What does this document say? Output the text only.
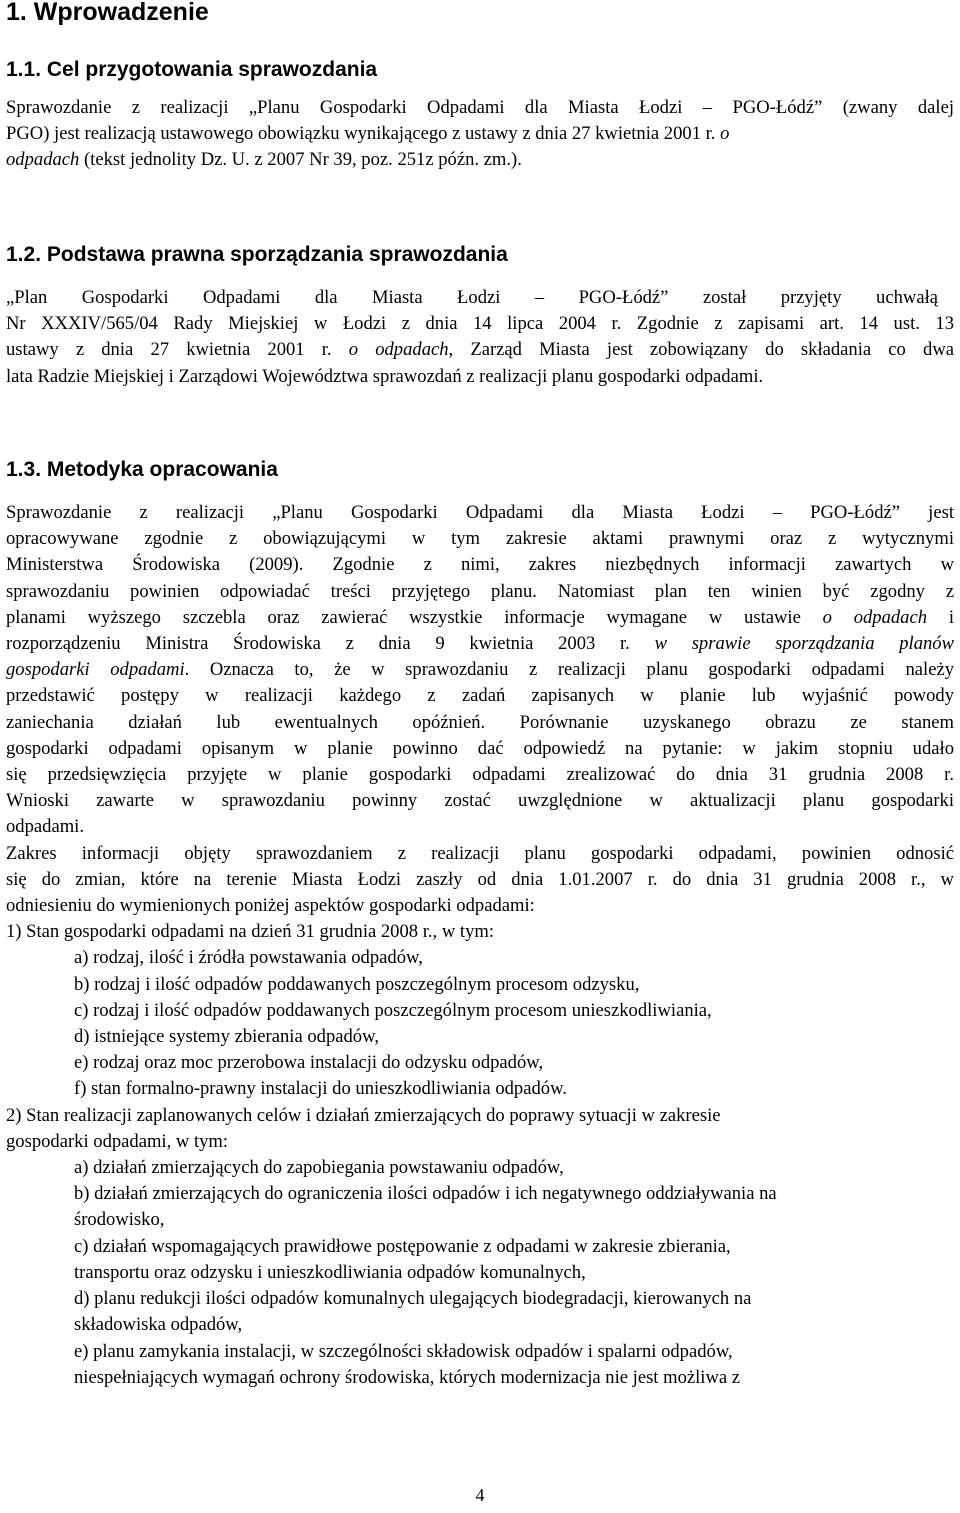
1. Wprowadzenie
1.1. Cel przygotowania sprawozdania
Sprawozdanie z realizacji „Planu Gospodarki Odpadami dla Miasta Łodzi – PGO-Łódź” (zwany dalej
PGO) jest realizacją ustawowego obowiązku wynikającego z ustawy z dnia 27 kwietnia 2001 r. o
odpadach (tekst jednolity Dz. U. z 2007 Nr 39, poz. 251z późn. zm.).
1.2. Podstawa prawna sporządzania sprawozdania
„Plan Gospodarki Odpadami dla Miasta Łodzi – PGO-Łódź” został przyjęty uchwałą
Nr XXXIV/565/04 Rady Miejskiej w Łodzi z dnia 14 lipca 2004 r. Zgodnie z zapisami art. 14 ust. 13
ustawy z dnia 27 kwietnia 2001 r. o odpadach, Zarząd Miasta jest zobowiązany do składania co dwa
lata Radzie Miejskiej i Zarządowi Województwa sprawozdań z realizacji planu gospodarki odpadami.
1.3. Metodyka opracowania
Sprawozdanie z realizacji „Planu Gospodarki Odpadami dla Miasta Łodzi – PGO-Łódź” jest
opracowywane zgodnie z obowiązującymi w tym zakresie aktami prawnymi oraz z wytycznymi
Ministerstwa Środowiska (2009). Zgodnie z nimi, zakres niezbędnych informacji zawartych w
sprawozdaniu powinien odpowiadać treści przyjętego planu. Natomiast plan ten winien być zgodny z
planami wyższego szczebla oraz zawierać wszystkie informacje wymagane w ustawie o odpadach i
rozporządzeniu Ministra Środowiska z dnia 9 kwietnia 2003 r. w sprawie sporządzania planów
gospodarki odpadami. Oznacza to, że w sprawozdaniu z realizacji planu gospodarki odpadami należy
przedstawić postępy w realizacji każdego z zadań zapisanych w planie lub wyjaśnić powody
zaniechania działań lub ewentualnych opóźnień. Porównanie uzyskanego obrazu ze stanem
gospodarki odpadami opisanym w planie powinno dać odpowiedź na pytanie: w jakim stopniu udało
się przedsięwzięcia przyjęte w planie gospodarki odpadami zrealizować do dnia 31 grudnia 2008 r.
Wnioski zawarte w sprawozdaniu powinny zostać uwzględnione w aktualizacji planu gospodarki
odpadami.
Zakres informacji objęty sprawozdaniem z realizacji planu gospodarki odpadami, powinien odnosić
się do zmian, które na terenie Miasta Łodzi zaszły od dnia 1.01.2007 r. do dnia 31 grudnia 2008 r., w
odniesieniu do wymienionych poniżej aspektów gospodarki odpadami:
1) Stan gospodarki odpadami na dzień 31 grudnia 2008 r., w tym:
a) rodzaj, ilość i źródła powstawania odpadów,
b) rodzaj i ilość odpadów poddawanych poszczególnym procesom odzysku,
c) rodzaj i ilość odpadów poddawanych poszczególnym procesom unieszkodliwiania,
d) istniejące systemy zbierania odpadów,
e) rodzaj oraz moc przerobowa instalacji do odzysku odpadów,
f) stan formalno-prawny instalacji do unieszkodliwiania odpadów.
2) Stan realizacji zaplanowanych celów i działań zmierzających do poprawy sytuacji w zakresie
gospodarki odpadami, w tym:
a) działań zmierzających do zapobiegania powstawaniu odpadów,
b) działań zmierzających do ograniczenia ilości odpadów i ich negatywnego oddziaływania na
środowisko,
c) działań wspomagających prawidłowe postępowanie z odpadami w zakresie zbierania,
transportu oraz odzysku i unieszkodliwiania odpadów komunalnych,
d) planu redukcji ilości odpadów komunalnych ulegających biodegradacji, kierowanych na
składowiska odpadów,
e) planu zamykania instalacji, w szczególności składowisk odpadów i spalarni odpadów,
niespełniających wymagań ochrony środowiska, których modernizacja nie jest możliwa z
4
